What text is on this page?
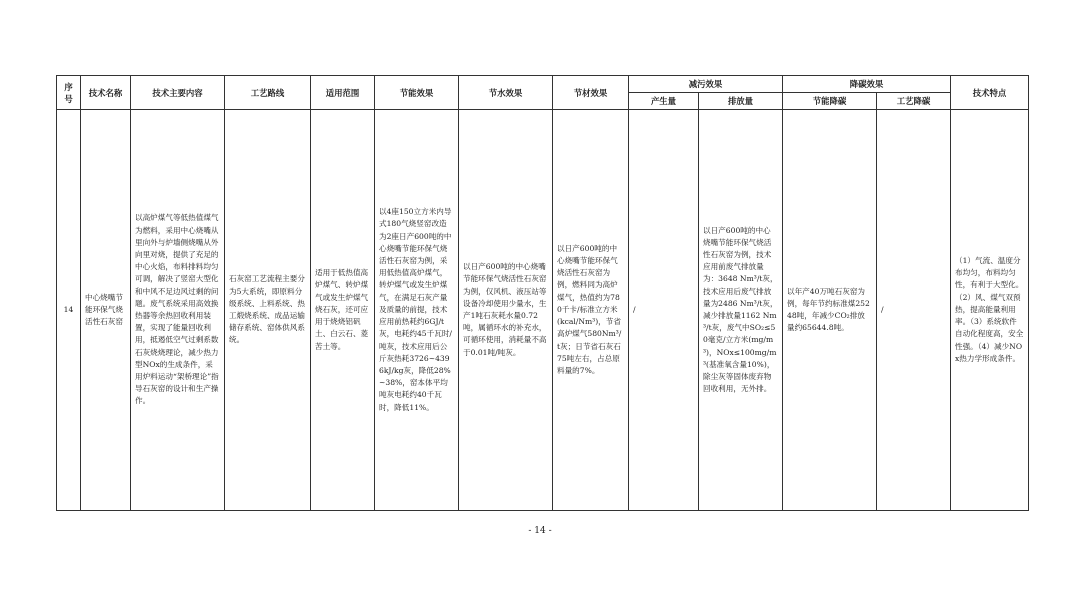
序号	技术名称	技术主要内容	工艺路线	适用范围	节能效果	节水效果	节材效果	减污效果		降碳效果		技术特点
								产生量	排放量	节能降碳	工艺降碳	
14	中心烧嘴节能环保气烧活性石灰窑	以高炉煤气等低热值煤气为燃料，采用中心烧嘴从里向外与炉墙侧烧嘴从外向里对烧，提供了充足的中心火焰，布料排料均匀可调，解决了竖窑大型化和中风不足边风过剩的问题。废气系统采用高效换热器等余热回收利用装置，实现了能量回收利用，抵遏低空气过剩系数石灰烧烧理论，减少热力型NOx的生成条件，采用炉料运动“架桥理论”指导石灰窑的设计和生产操作。	石灰窑工艺流程主要分为5大系统，即原料分级系统、上料系统、热工煅烧系统、成品运输储存系统、窑体供风系统。	适用于低热值高炉煤气、转炉煤气或发生炉煤气烧石灰，还可应用于烧烧铝矾土、白云石、菱苦土等。	以4座150立方米内导式180气烧竖窑改造为2座日产600吨的中心烧嘴节能环保气烧活性石灰窑为例，采用低热值高炉煤气，转炉煤气或发生炉煤气，在满足石灰产量及质量的前提，技术应用前热耗约6GJ/t灰，电耗约45千瓦时/吨灰，技术应用后公斤灰热耗3726~4396kJ/kg灰，降低28%~38%，窑本体平均吨灰电耗约40千瓦时，降低11%。	以日产600吨的中心烧嘴节能环保气烧活性石灰窑为例，仅风机、液压站等设备冷却使用少量水，生产1吨石灰耗水量0.72吨，属循环水的补充水，可循环使用，消耗量不高于0.01吨/吨灰。	以日产600吨的中心烧嘴节能环保气烧活性石灰窑为例，燃料同为高炉煤气，热值约为780千卡/标准立方米(kcal/Nm³)，节省高炉煤气580Nm³/t灰；日节省石灰石75吨左右，占总原料量的7%。	/	以日产600吨的中心烧嘴节能环保气烧活性石灰窑为例，技术应用前废气排放量为：3648 Nm³/t灰，技术应用后废气排放量为2486 Nm³/t灰，减少排放量1162 Nm³/t灰，废气中SO₂≤50毫克/立方米(mg/m³)，NOx≤100mg/m³(基准氧含量10%)，除尘灰等固体废弃物回收利用，无外排。	以年产40万吨石灰窑为例，每年节约标准煤25248吨，年减少CO₂排放量约65644.8吨。	/	（1）气流、温度分布均匀，布料均匀性，有利于大型化。（2）风、煤气双预热，提高能量利用率。（3）系统软件自动化程度高，安全性强。（4）减少NOx热力学形成条件。
- 14 -
